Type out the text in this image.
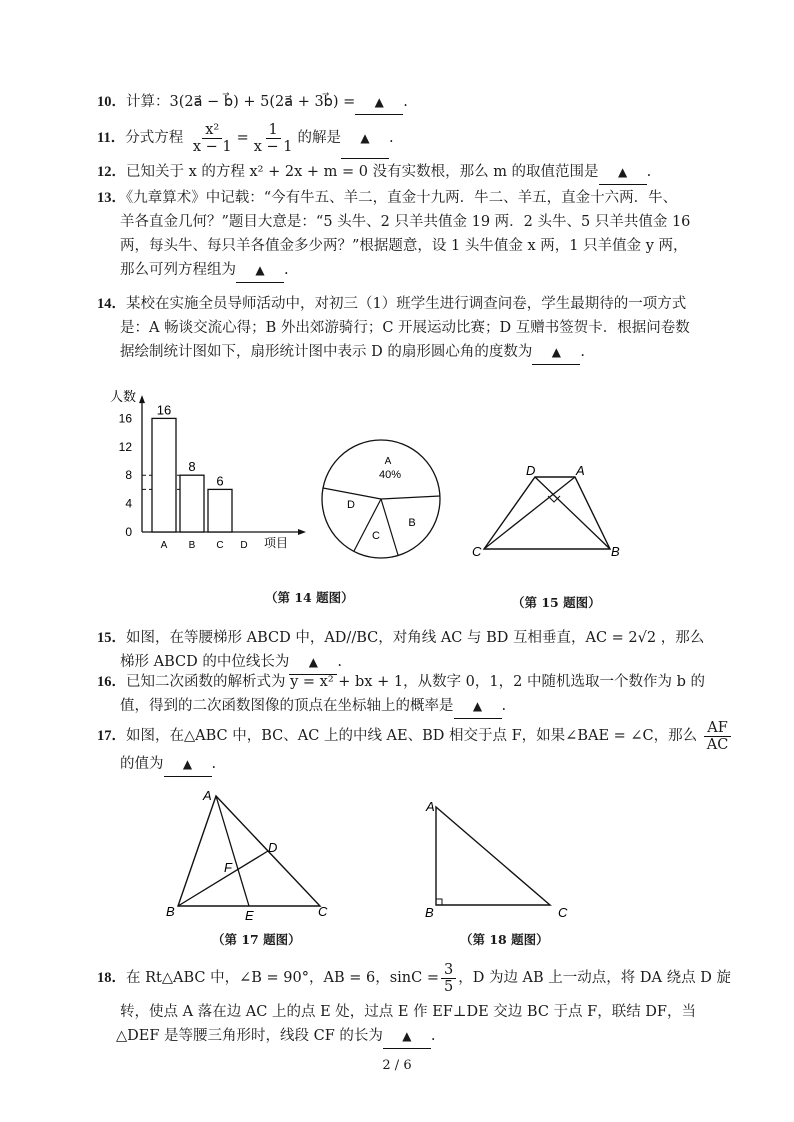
10．计算：3(2a⃗ − b⃗) + 5(2a⃗ + 3b⃗) = ▲ .
11．分式方程 $\frac{\text{x²}}{x - 1} = \frac{1}{x - 1}$ 的解是 ▲ .
12．已知关于 x 的方程 x² + 2x + m = 0 没有实数根，那么 m 的取值范围是 ▲ .
13．《九章算术》中记载：“今有牛五、羊二，直金十九两．牛二、羊五，直金十六两．牛、
羊各直金几何？”题目大意是：“5 头牛、2 只羊共值金 19 两．2 头牛、5 只羊共值金 16
两，每头牛、每只羊各值金多少两？”根据题意，设 1 头牛值金 x 两，1 只羊值金 y 两，
那么可列方程组为 ▲ .
14．某校在实施全员导师活动中，对初三（1）班学生进行调查问卷，学生最期待的一项方式
是：A 畅谈交流心得；B 外出郊游骑行；C 开展运动比赛；D 互赠书签贺卡．根据问卷数
据绘制统计图如下，扇形统计图中表示 D 的扇形圆心角的度数为 ▲ .
人数
项目
0
4
8
12
16
16
A
8
B
6
C D
A
40%
D
B
C
D	A
C	B
（第 14 题图）	（第 15 题图）
15．如图，在等腰梯形 ABCD 中，AD//BC，对角线 AC 与 BD 互相垂直，AC = 2√2 ，那么
梯形 ABCD 的中位线长为 ▲ .
16．已知二次函数的解析式为 y = x² + bx + 1，从数字 0，1，2 中随机选取一个数作为 b 的
值，得到的二次函数图像的顶点在坐标轴上的概率是 ▲ .
17．如图，在△ABC 中，BC、AC 上的中线 AE、BD 相交于点 F，如果∠BAE = ∠C，那么 $\frac{AF}{AC}$
的值为 ▲ .
A
B	C
D
E
F
A
B	C
（第 17 题图）	（第 18 题图）
18．在 Rt△ABC 中，∠B = 90°，AB = 6，$\sin C = \frac{3}{5}$ ，D 为边 AB 上一动点，将 DA 绕点 D 旋
转，使点 A 落在边 AC 上的点 E 处，过点 E 作 EF⊥DE 交边 BC 于点 F，联结 DF，当
△DEF 是等腰三角形时，线段 CF 的长为 ▲ .
2 / 6
